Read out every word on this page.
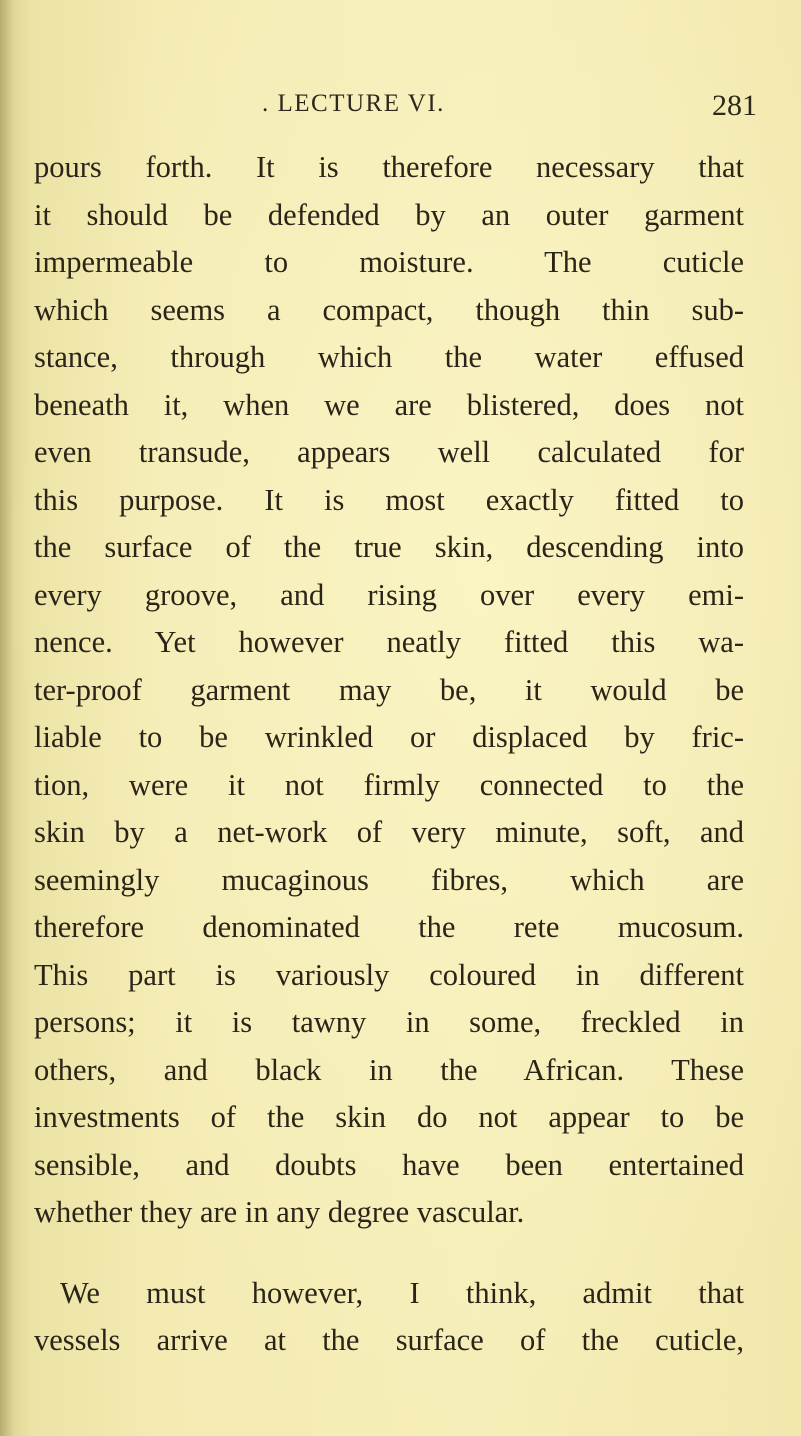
. LECTURE VI.	281
pours forth. It is therefore necessary that
it should be defended by an outer garment
impermeable to moisture. The cuticle
which seems a compact, though thin sub-
stance, through which the water effused
beneath it, when we are blistered, does not
even transude, appears well calculated for
this purpose. It is most exactly fitted to
the surface of the true skin, descending into
every groove, and rising over every emi-
nence. Yet however neatly fitted this wa-
ter-proof garment may be, it would be
liable to be wrinkled or displaced by fric-
tion, were it not firmly connected to the
skin by a net-work of very minute, soft, and
seemingly mucaginous fibres, which are
therefore denominated the rete mucosum.
This part is variously coloured in different
persons; it is tawny in some, freckled in
others, and black in the African. These
investments of the skin do not appear to be
sensible, and doubts have been entertained
whether they are in any degree vascular.
We must however, I think, admit that
vessels arrive at the surface of the cuticle,
